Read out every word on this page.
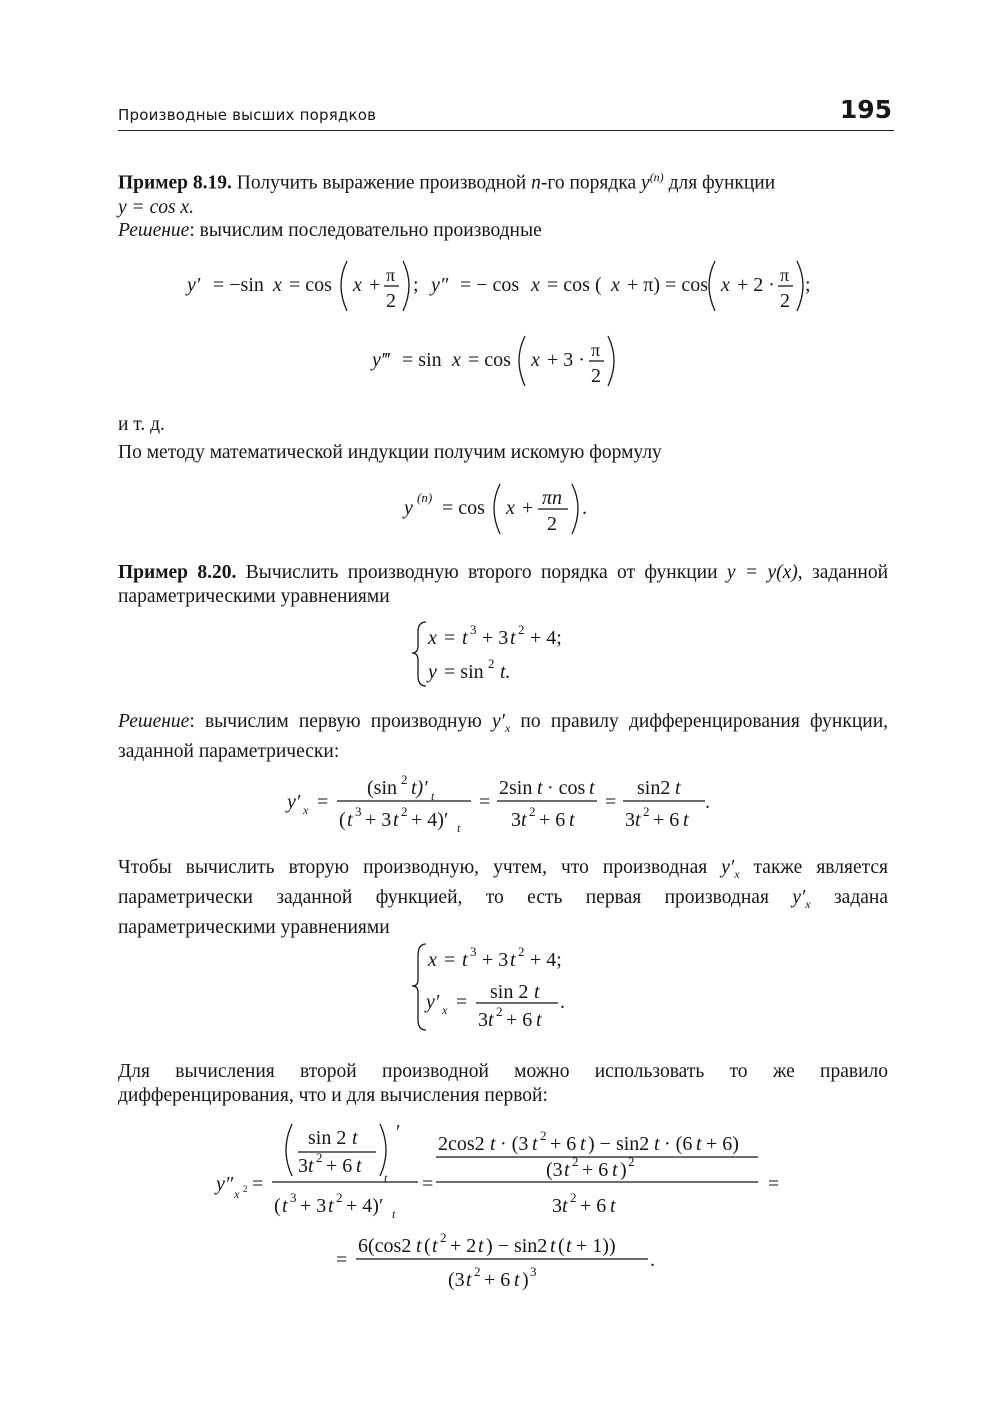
Производные высших порядков	195
Пример 8.19. Получить выражение производной n-го порядка $y^{(n)}$ для функции
y = cos x.
Решение: вычислим последовательно производные
y′ = −sin x = cos x + π
2
; y″ = − cos x = cos ( x + π) = cos x + 2 · π
2
;
y‴ = sin x = cos x + 3 · π
2
и т. д.
По методу математической индукции получим искомую формулу
y (n) = cos x + πn
2
.
Пример 8.20. Вычислить производную второго порядка от функции y = y(x), заданной параметрическими уравнениями
x = t 3 + 3 t 2 + 4;
y = sin 2 t.
Решение: вычислим первую производную $y'_x$ по правилу дифференцирования функции, заданной параметрически:
y′ x =
(sin 2 t)′ t
( t 3 + 3 t 2 + 4)′ t
=
2sin t · cos t
3 t 2 + 6 t
=
sin2 t
3 t 2 + 6 t
.
Чтобы вычислить вторую производную, учтем, что производная $y'_x$ также является параметрически заданной функцией, то есть первая производная $y'_x$ задана параметрическими уравнениями
x = t 3 + 3 t 2 + 4;
y′ x = sin 2 t
3 t 2 + 6 t
.
Для вычисления второй производной можно использовать то же правило дифференцирования, что и для вычисления первой:
y″ x 2 =
sin 2 t
3 t 2 + 6 t
′
t
( t 3 + 3 t 2 + 4)′ t
=
2cos2 t · (3 t 2 + 6 t ) − sin2 t · (6 t + 6)
(3 t 2 + 6 t ) 2
3 t 2 + 6 t
=
=
6(cos2 t ( t 2 + 2 t ) − sin2 t ( t + 1))
(3 t 2 + 6 t ) 3
.
